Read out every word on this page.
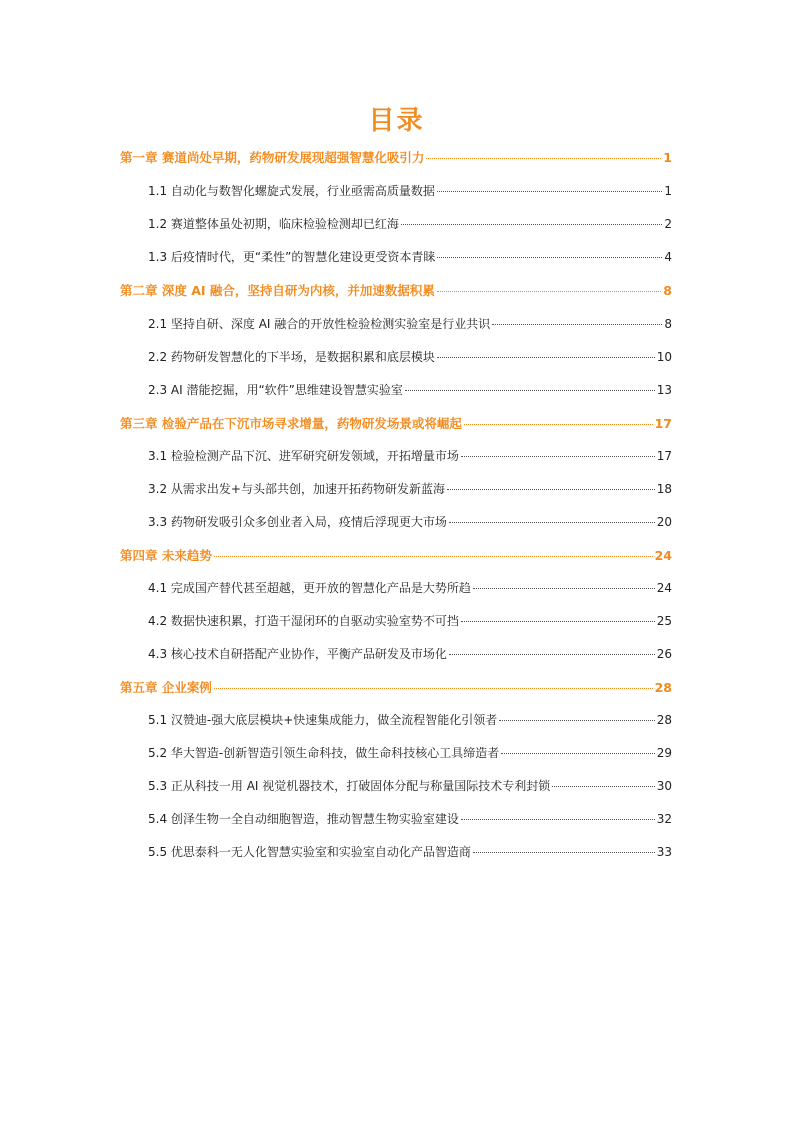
目录
第一章 赛道尚处早期，药物研发展现超强智慧化吸引力	1
1.1 自动化与数智化螺旋式发展，行业亟需高质量数据	1
1.2 赛道整体虽处初期，临床检验检测却已红海	2
1.3 后疫情时代，更“柔性”的智慧化建设更受资本青睐	4
第二章 深度 AI 融合，坚持自研为内核，并加速数据积累	8
2.1 坚持自研、深度 AI 融合的开放性检验检测实验室是行业共识	8
2.2 药物研发智慧化的下半场，是数据积累和底层模块	10
2.3 AI 潜能挖掘，用“软件”思维建设智慧实验室	13
第三章 检验产品在下沉市场寻求增量，药物研发场景或将崛起	17
3.1 检验检测产品下沉、进军研究研发领域，开拓增量市场	17
3.2 从需求出发+与头部共创，加速开拓药物研发新蓝海	18
3.3 药物研发吸引众多创业者入局，疫情后浮现更大市场	20
第四章 未来趋势	24
4.1 完成国产替代甚至超越，更开放的智慧化产品是大势所趋	24
4.2 数据快速积累，打造干湿闭环的自驱动实验室势不可挡	25
4.3 核心技术自研搭配产业协作，平衡产品研发及市场化	26
第五章 企业案例	28
5.1 汉赞迪-强大底层模块+快速集成能力，做全流程智能化引领者	28
5.2 华大智造-创新智造引领生命科技，做生命科技核心工具缔造者	29
5.3 正从科技一用 AI 视觉机器技术，打破固体分配与称量国际技术专利封锁	30
5.4 创泽生物一全自动细胞智造，推动智慧生物实验室建设	32
5.5 优思泰科一无人化智慧实验室和实验室自动化产品智造商	33
